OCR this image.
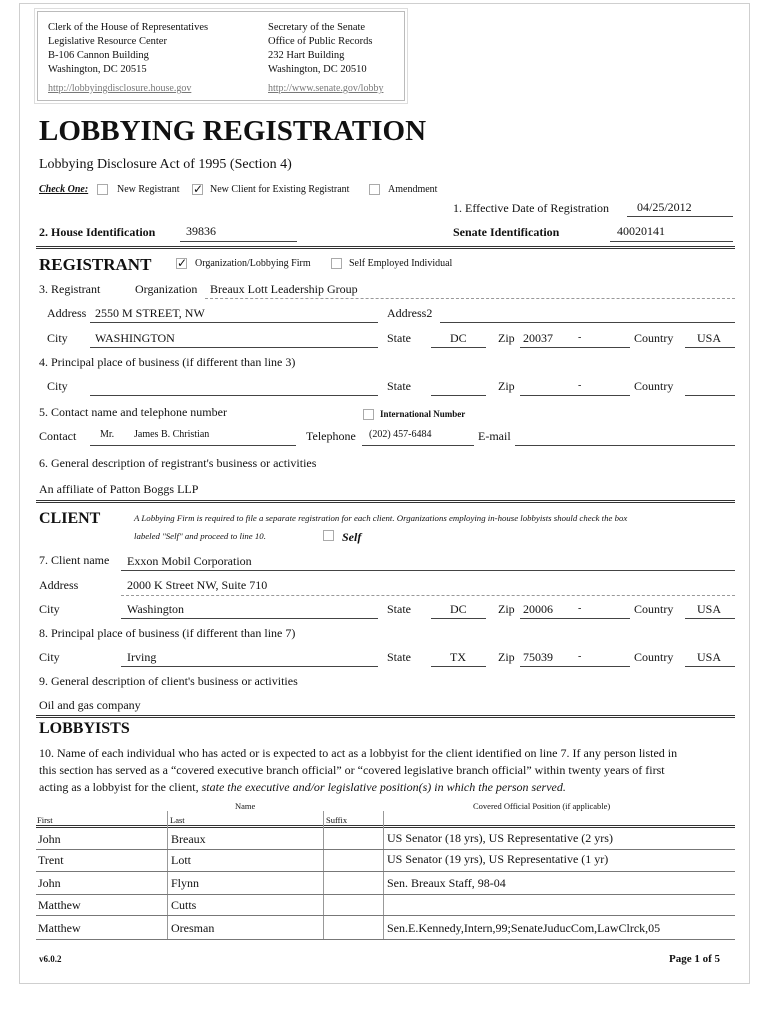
Clerk of the House of Representatives
Legislative Resource Center
B-106 Cannon Building
Washington, DC 20515
http://lobbyingdisclosure.house.gov
Secretary of the Senate
Office of Public Records
232 Hart Building
Washington, DC 20510
http://www.senate.gov/lobby
LOBBYING REGISTRATION
Lobbying Disclosure Act of 1995 (Section 4)
Check One:	New Registrant ✓ New Client for Existing Registrant	Amendment
1. Effective Date of Registration 04/25/2012
2. House Identification	39836	Senate Identification	40020141
REGISTRANT ✓ Organization/Lobbying Firm	Self Employed Individual
3. Registrant	Organization Breaux Lott Leadership Group
Address 2550 M STREET, NW	Address2
City WASHINGTON	State	DC	Zip 20037	-	Country USA
4. Principal place of business (if different than line 3)
City	State	Zip	-	Country
5. Contact name and telephone number	International Number
Contact Mr. James B. Christian	Telephone (202) 457-6484	E-mail
6. General description of registrant's business or activities
An affiliate of Patton Boggs LLP
CLIENT	A Lobbying Firm is required to file a separate registration for each client. Organizations employing in-house lobbyists should check the box
labeled "Self" and proceed to line 10.	Self
7. Client name Exxon Mobil Corporation
Address	2000 K Street NW, Suite 710
City	Washington	State	DC	Zip 20006	-	Country USA
8. Principal place of business (if different than line 7)
City	Irving	State	TX	Zip 75039	-	Country USA
9. General description of client's business or activities
Oil and gas company
LOBBYISTS
10. Name of each individual who has acted or is expected to act as a lobbyist for the client identified on line 7. If any person listed in
this section has served as a “covered executive branch official” or “covered legislative branch official” within twenty years of first
acting as a lobbyist for the client, state the executive and/or legislative position(s) in which the person served.
Name	Covered Official Position (if applicable)
First	Last	Suffix
John	Breaux	US Senator (18 yrs), US Representative (2 yrs)
Trent	Lott	US Senator (19 yrs), US Representative (1 yr)
John	Flynn	Sen. Breaux Staff, 98-04
Matthew	Cutts
Matthew	Oresman	Sen.E.Kennedy,Intern,99;SenateJuducCom,LawClrck,05
v6.0.2	Page 1 of 5
